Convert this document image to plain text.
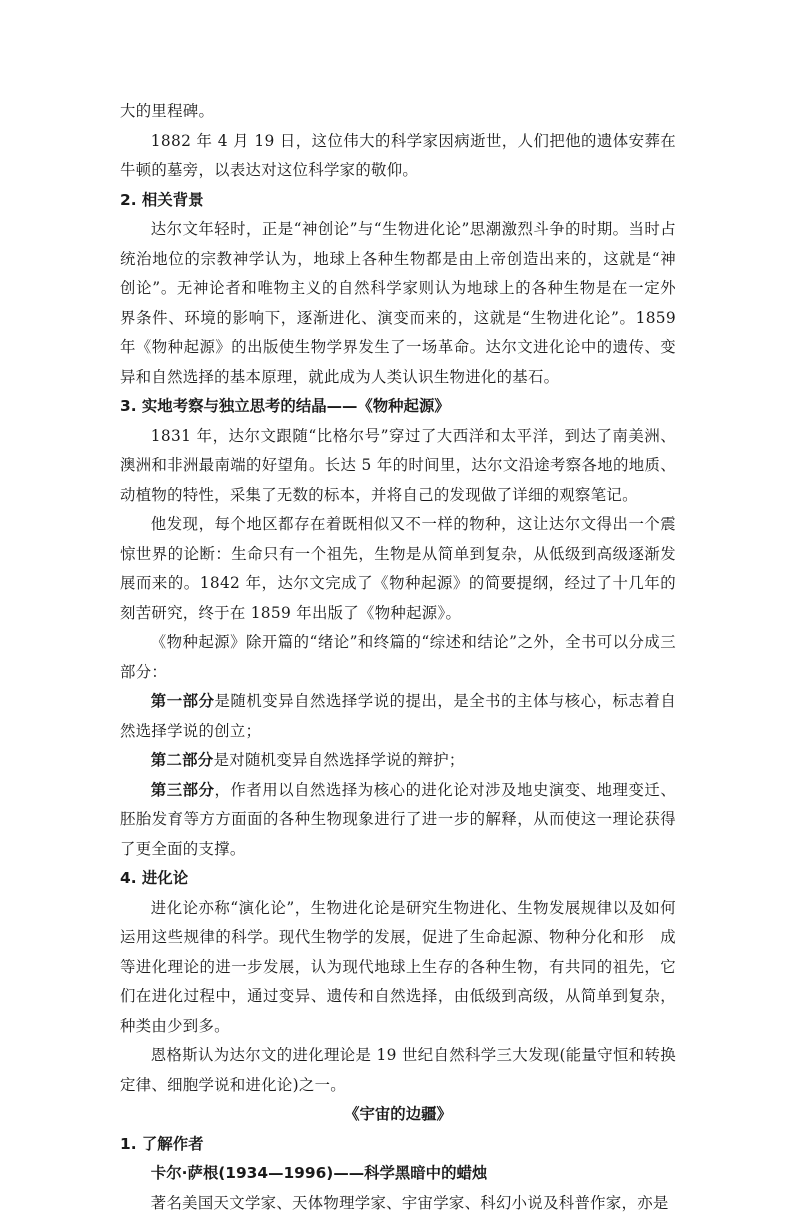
大的里程碑。

1882 年 4 月 19 日，这位伟大的科学家因病逝世，人们把他的遗体安葬在牛顿的墓旁，以表达对这位科学家的敬仰。

2. 相关背景

达尔文年轻时，正是“神创论”与“生物进化论”思潮激烈斗争的时期。当时占统治地位的宗教神学认为，地球上各种生物都是由上帝创造出来的，这就是“神创论”。无神论者和唯物主义的自然科学家则认为地球上的各种生物是在一定外界条件、环境的影响下，逐渐进化、演变而来的，这就是“生物进化论”。1859 年《物种起源》的出版使生物学界发生了一场革命。达尔文进化论中的遗传、变异和自然选择的基本原理，就此成为人类认识生物进化的基石。

3. 实地考察与独立思考的结晶——《物种起源》

1831 年，达尔文跟随“比格尔号”穿过了大西洋和太平洋，到达了南美洲、澳洲和非洲最南端的好望角。长达 5 年的时间里，达尔文沿途考察各地的地质、动植物的特性，采集了无数的标本，并将自己的发现做了详细的观察笔记。

他发现，每个地区都存在着既相似又不一样的物种，这让达尔文得出一个震惊世界的论断：生命只有一个祖先，生物是从简单到复杂，从低级到高级逐渐发展而来的。1842 年，达尔文完成了《物种起源》的简要提纲，经过了十几年的刻苦研究，终于在 1859 年出版了《物种起源》。

《物种起源》除开篇的“绪论”和终篇的“综述和结论”之外，全书可以分成三部分：

第一部分是随机变异自然选择学说的提出，是全书的主体与核心，标志着自然选择学说的创立；

第二部分是对随机变异自然选择学说的辩护；

第三部分，作者用以自然选择为核心的进化论对涉及地史演变、地理变迁、胚胎发育等方方面面的各种生物现象进行了进一步的解释，从而使这一理论获得了更全面的支撑。

4. 进化论

进化论亦称“演化论”，生物进化论是研究生物进化、生物发展规律以及如何运用这些规律的科学。现代生物学的发展，促进了生命起源、物种分化和形　成等进化理论的进一步发展，认为现代地球上生存的各种生物，有共同的祖先，它们在进化过程中，通过变异、遗传和自然选择，由低级到高级，从简单到复杂，种类由少到多。

恩格斯认为达尔文的进化理论是 19 世纪自然科学三大发现(能量守恒和转换定律、细胞学说和进化论)之一。

《宇宙的边疆》
1. 了解作者
卡尔·萨根(1934—1996)——科学黑暗中的蜡烛

著名美国天文学家、天体物理学家、宇宙学家、科幻小说及科普作家，亦是
